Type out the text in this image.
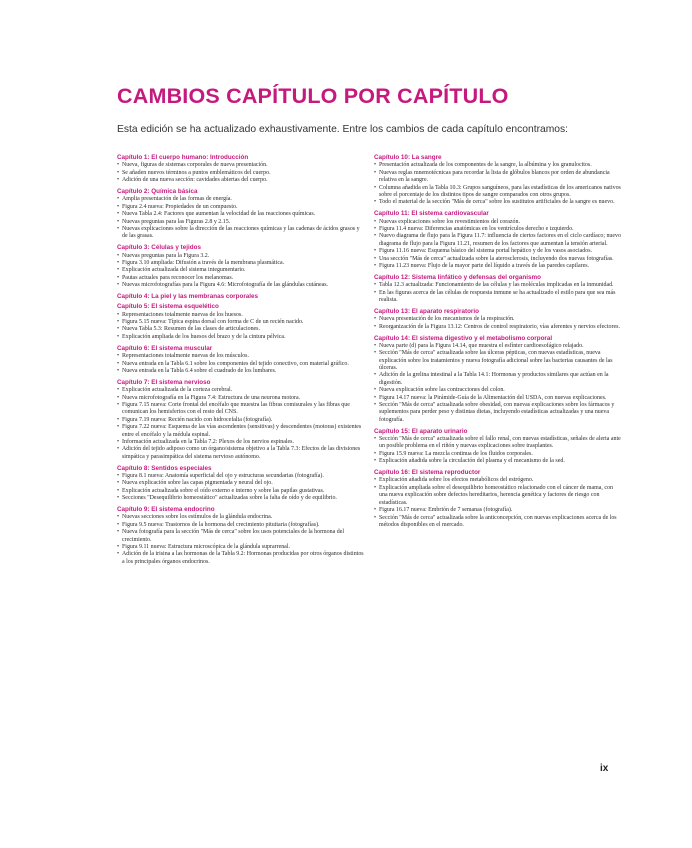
CAMBIOS CAPÍTULO POR CAPÍTULO

Esta edición se ha actualizado exhaustivamente. Entre los cambios de cada capítulo encontramos:

Capítulo 1: El cuerpo humano: Introducción
• Nueva, figuras de sistemas corporales de nueva presentación.
• Se añaden nuevos términos a puntos emblemáticos del cuerpo.
• Adición de una nueva sección: cavidades abiertas del cuerpo.
Capítulo 2: Química básica
• Amplia presentación de las formas de energía.
• Figura 2.4 nueva: Propiedades de un compuesto.
• Nueva Tabla 2.4: Factores que aumentan la velocidad de las reacciones químicas.
• Nuevas preguntas para las Figuras 2.8 y 2.15.
• Nuevas explicaciones sobre la dirección de las reacciones químicas y las cadenas de ácidos grasos y de las grasas.
Capítulo 3: Células y tejidos
• Nuevas preguntas para la Figura 3.2.
• Figura 3.10 ampliada: Difusión a través de la membrana plasmática.
• Explicación actualizada del sistema integumentario.
• Pautas actuales para reconocer los melanomas.
• Nuevas microfotografías para la Figura 4.6: Microfotografía de las glándulas cutáneas.
Capítulo 4: La piel y las membranas corporales
Capítulo 5: El sistema esquelético
• Representaciones totalmente nuevas de los huesos.
• Figura 5.15 nueva: Típica espina dorsal con forma de C de un recién nacido.
• Nueva Tabla 5.3: Resumen de las clases de articulaciones.
• Explicación ampliada de los huesos del brazo y de la cintura pélvica.
Capítulo 6: El sistema muscular
• Representaciones totalmente nuevas de los músculos.
• Nueva entrada en la Tabla 6.1 sobre los componentes del tejido conectivo, con material gráfico.
• Nueva entrada en la Tabla 6.4 sobre el cuadrado de los lumbares.
Capítulo 7: El sistema nervioso
• Explicación actualizada de la corteza cerebral.
• Nueva microfotografía en la Figura 7.4: Estructura de una neurona motora.
• Figura 7.15 nueva: Corte frontal del encéfalo que muestra las fibras comisurales y las fibras que comunican los hemisferios con el resto del CNS.
• Figura 7.19 nueva: Recién nacido con hidrocefalia (fotografía).
• Figura 7.22 nueva: Esquema de las vías ascendentes (sensitivas) y descendentes (motoras) existentes entre el encéfalo y la médula espinal.
• Información actualizada en la Tabla 7.2: Plexos de los nervios espinales.
• Adición del tejido adiposo como un órgano/sistema objetivo a la Tabla 7.3: Efectos de las divisiones simpática y parasimpática del sistema nervioso autónomo.
Capítulo 8: Sentidos especiales
• Figura 8.1 nueva: Anatomía superficial del ojo y estructuras secundarias (fotografía).
• Nueva explicación sobre las capas pigmentada y neural del ojo.
• Explicación actualizada sobre el oído externo e interno y sobre las papilas gustativas.
• Secciones "Desequilibrio homeostático" actualizadas sobre la falta de oído y de equilibrio.
Capítulo 9: El sistema endocrino
• Nuevas secciones sobre los estímulos de la glándula endocrina.
• Figura 9.5 nueva: Trastornos de la hormona del crecimiento pituitaria (fotografías).
• Nueva fotografía para la sección "Más de cerca" sobre los usos potenciales de la hormona del crecimiento.
• Figura 9.11 nueva: Estructura microscópica de la glándula suprarrenal.
• Adición de la irisina a las hormonas de la Tabla 9.2: Hormonas producidas por otros órganos distintos a los principales órganos endocrinos.
Capítulo 10: La sangre
• Presentación actualizada de los componentes de la sangre, la albúmina y los granulocitos.
• Nuevas reglas mnemotécnicas para recordar la lista de glóbulos blancos por orden de abundancia relativa en la sangre.
• Columna añadida en la Tabla 10.3: Grupos sanguíneos, para las estadísticas de los americanos nativos sobre el porcentaje de los distintos tipos de sangre comparados con otros grupos.
• Todo el material de la sección "Más de cerca" sobre los sustitutos artificiales de la sangre es nuevo.
Capítulo 11: El sistema cardiovascular
• Nuevas explicaciones sobre los revestimientos del corazón.
• Figura 11.4 nueva: Diferencias anatómicas en los ventrículos derecho e izquierdo.
• Nuevo diagrama de flujo para la Figura 11.7: influencia de ciertos factores en el ciclo cardíaco; nuevo diagrama de flujo para la Figura 11.21, resumen de los factores que aumentan la tensión arterial.
• Figura 11.16 nueva: Esquema básico del sistema portal hepático y de los vasos asociados.
• Una sección "Más de cerca" actualizada sobre la aterosclerosis, incluyendo dos nuevas fotografías.
• Figura 11.23 nueva: Flujo de la mayor parte del líquido a través de las paredes capilares.
Capítulo 12: Sistema linfático y defensas del organismo
• Tabla 12.3 actualizada: Funcionamiento de las células y las moléculas implicadas en la inmunidad.
• En las figuras acerca de las células de respuesta inmune se ha actualizado el estilo para que sea más realista.
Capítulo 13: El aparato respiratorio
• Nueva presentación de los mecanismos de la respiración.
• Reorganización de la Figura 13.12: Centros de control respiratorio, vías aferentes y nervios efectores.
Capítulo 14: El sistema digestivo y el metabolismo corporal
• Nueva parte (d) para la Figura 14.14, que muestra el esfínter cardioesofágico relajado.
• Sección "Más de cerca" actualizada sobre las úlceras pépticas, con nuevas estadísticas, nueva explicación sobre los tratamientos y nueva fotografía adicional sobre las bacterias causantes de las úlceras.
• Adición de la grelina intestinal a la Tabla 14.1: Hormonas y productos similares que actúan en la digestión.
• Nueva explicación sobre las contracciones del colon.
• Figura 14.17 nueva: la Pirámide-Guía de la Alimentación del USDA, con nuevas explicaciones.
• Sección "Más de cerca" actualizada sobre obesidad, con nuevas explicaciones sobre los fármacos y suplementos para perder peso y distintas dietas, incluyendo estadísticas actualizadas y una nueva fotografía.
Capítulo 15: El aparato urinario
• Sección "Más de cerca" actualizada sobre el fallo renal, con nuevas estadísticas, señales de alerta ante un posible problema en el riñón y nuevas explicaciones sobre trasplantes.
• Figura 15.9 nueva: La mezcla continua de los fluidos corporales.
• Explicación añadida sobre la circulación del plasma y el mecanismo de la sed.
Capítulo 16: El sistema reproductor
• Explicación añadida sobre los efectos metabólicos del estrógeno.
• Explicación ampliada sobre el desequilibrio homeostático relacionado con el cáncer de mama, con una nueva explicación sobre defectos hereditarios, herencia genética y factores de riesgo con estadísticas.
• Figura 16.17 nueva: Embrión de 7 semanas (fotografía).
• Sección "Más de cerca" actualizada sobre la anticoncepción, con nuevas explicaciones acerca de los métodos disponibles en el mercado.

ix
